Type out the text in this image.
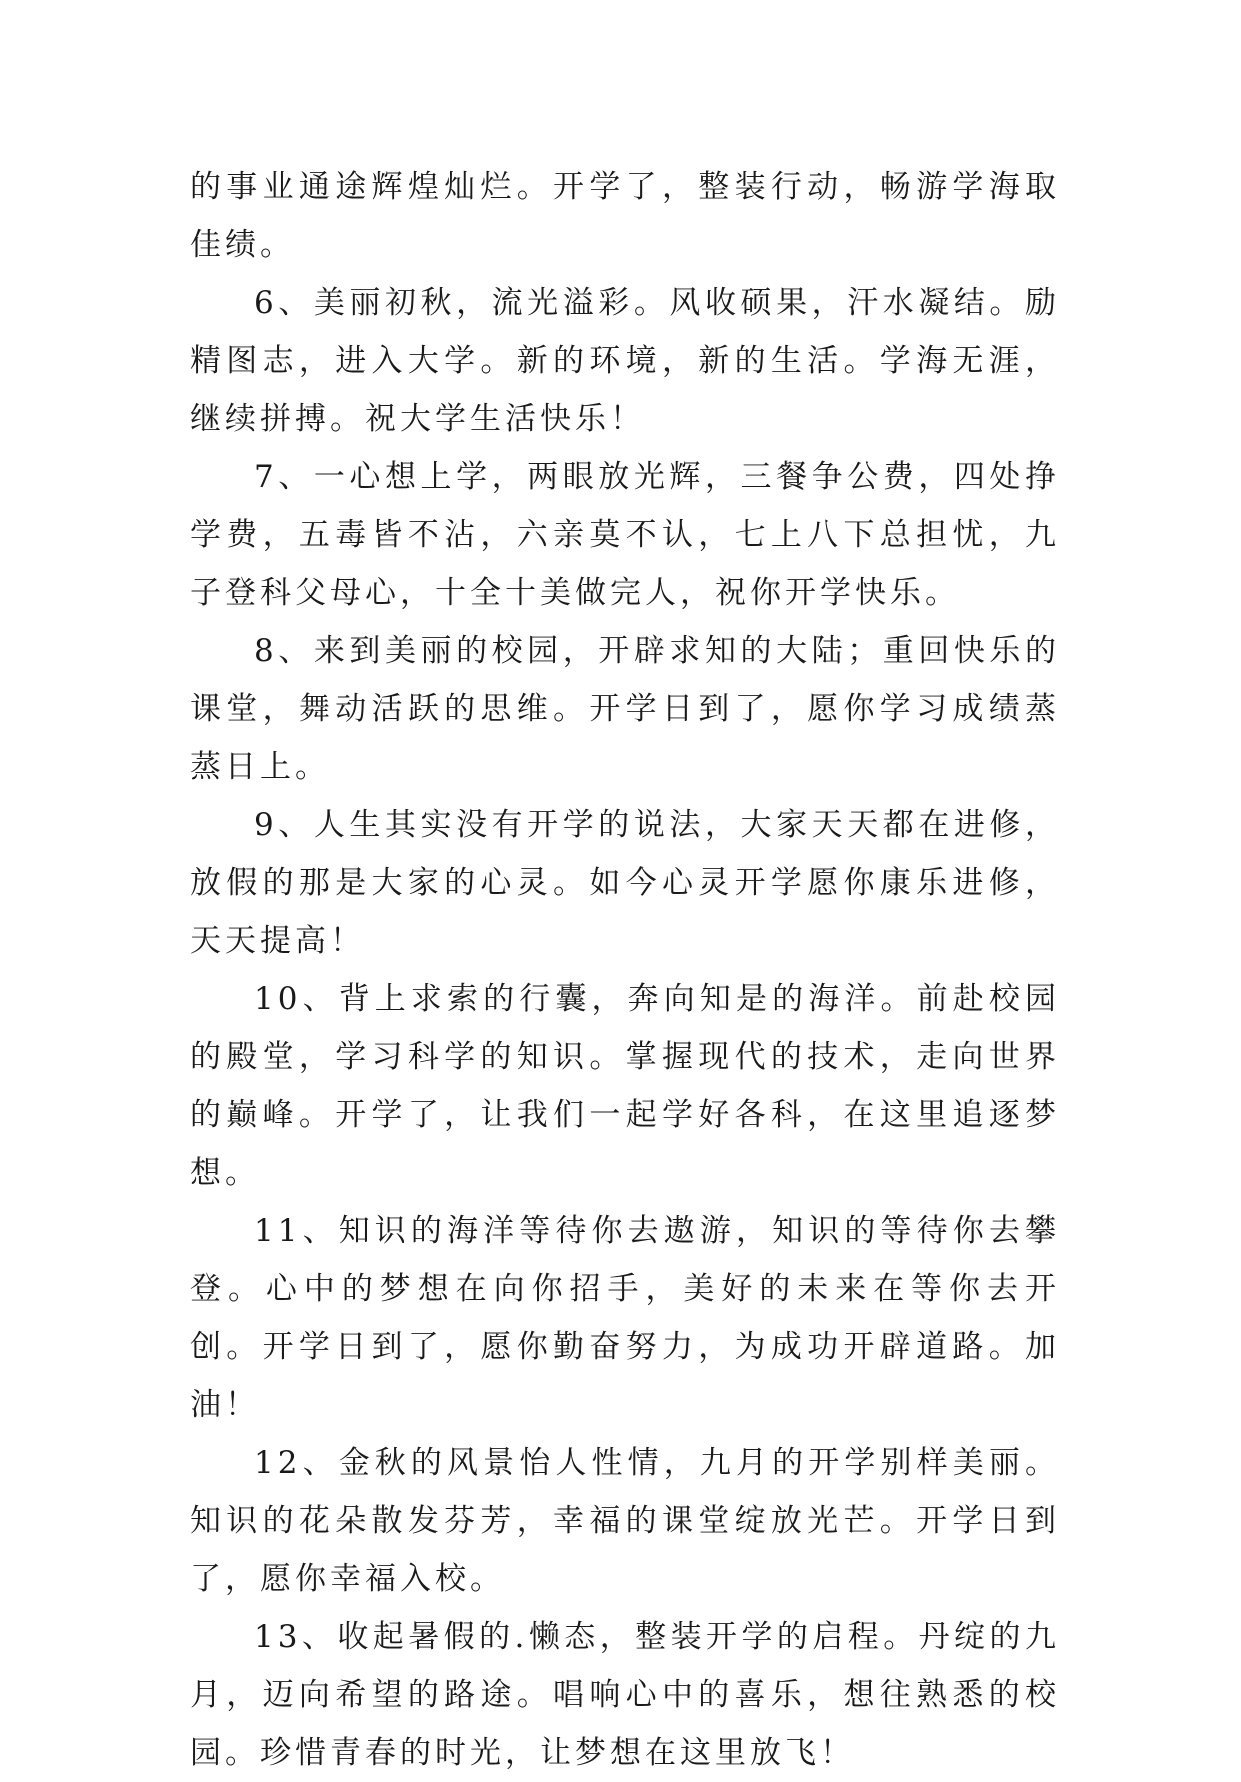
的事业通途辉煌灿烂。开学了，整装行动，畅游学海取佳绩。

6、美丽初秋，流光溢彩。风收硕果，汗水凝结。励精图志，进入大学。新的环境，新的生活。学海无涯，继续拼搏。祝大学生活快乐！

7、一心想上学，两眼放光辉，三餐争公费，四处挣学费，五毒皆不沾，六亲莫不认，七上八下总担忧，九子登科父母心，十全十美做完人，祝你开学快乐。

8、来到美丽的校园，开辟求知的大陆；重回快乐的课堂，舞动活跃的思维。开学日到了，愿你学习成绩蒸蒸日上。

9、人生其实没有开学的说法，大家天天都在进修，放假的那是大家的心灵。如今心灵开学愿你康乐进修，天天提高！

10、背上求索的行囊，奔向知是的海洋。前赴校园的殿堂，学习科学的知识。掌握现代的技术，走向世界的巅峰。开学了，让我们一起学好各科，在这里追逐梦想。

11、知识的海洋等待你去遨游，知识的等待你去攀登。心中的梦想在向你招手，美好的未来在等你去开创。开学日到了，愿你勤奋努力，为成功开辟道路。加油！

12、金秋的风景怡人性情，九月的开学别样美丽。知识的花朵散发芬芳，幸福的课堂绽放光芒。开学日到了，愿你幸福入校。

13、收起暑假的.懒态，整装开学的启程。丹绽的九月，迈向希望的路途。唱响心中的喜乐，想往熟悉的校园。珍惜青春的时光，让梦想在这里放飞！
